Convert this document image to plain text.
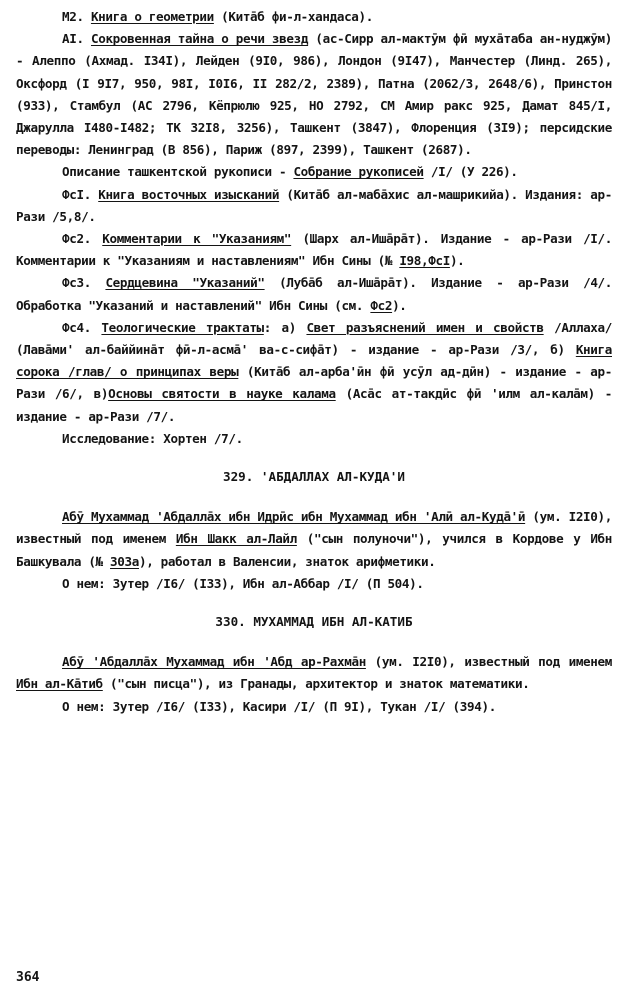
М2. Книга о геометрии (Китāб фи-л-хандаса).

АI. Сокровенная тайна о речи звезд (ас-Сирр ал-мактӯм фӣ мухāтаба ан-нуджӯм) - Алеппо (Ахмад. I34I), Лейден (9I0, 986), Лондон (9I47), Манчестер (Линд. 265), Оксфорд (I 9I7, 950, 98I, I0I6, II 282/2, 2389), Патна (2062/3, 2648/6), Принстон (933), Стамбул (АС 2796, Кёпрюлю 925, НО 2792, СМ Амир ракс 925, Дамат 845/I, Джарулла I480-I482; ТК 32I8, 3256), Ташкент (3847), Флоренция (3I9); персидские переводы: Ленинград (В 856), Париж (897, 2399), Ташкент (2687).

Описание ташкентской рукописи - Собрание рукописей /I/ (У 226).

ФсI. Книга восточных изысканий (Китāб ал-мабāхис ал-машрикийа). Издания: ар-Рази /5,8/.

Фс2. Комментарии к "Указаниям" (Шарх ал-Ишāрāт). Издание - ар-Рази /I/. Комментарии к "Указаниям и наставлениям" Ибн Сины (№ I98,ФсI).

Фс3. Сердцевина "Указаний" (Лубāб ал-Ишāрāт). Издание - ар-Рази /4/. Обработка "Указаний и наставлений" Ибн Сины (см. Фс2).

Фс4. Теологические трактаты: а) Свет разъяснений имен и свойств /Аллаха/ (Лавāми' ал-баййинāт фӣ-л-асмā' ва-с-сифāт) - издание - ар-Рази /3/, б) Книга сорока /глав/ о принципах веры (Китāб ал-арба'ӣн фӣ усӯл ад-дӣн) - издание - ар-Рази /6/, в)Основы святости в науке калама (Асāс ат-такдӣс фӣ 'илм ал-калāм) - издание - ар-Рази /7/.

Исследование: Хортен /7/.

329. 'АБДАЛЛАХ АЛ-КУДА'И

Абӯ Мухаммад 'Абдаллāх ибн Идрӣс ибн Мухаммад ибн 'Алӣ ал-Кудā'ӣ (ум. I2I0), известный под именем Ибн Шакк ал-Лайл ("сын полуночи"), учился в Кордове у Ибн Башкувала (№ 303а), работал в Валенсии, знаток арифметики.

О нем: Зутер /I6/ (I33), Ибн ал-Аббар /I/ (П 504).

330. МУХАММАД ИБН АЛ-КАТИБ

Абӯ 'Абдаллāх Мухаммад ибн 'Абд ар-Рахмāн (ум. I2I0), известный под именем Ибн ал-Кāтиб ("сын писца"), из Гранады, архитектор и знаток математики.

О нем: Зутер /I6/ (I33), Касири /I/ (П 9I), Тукан /I/ (394).

364
